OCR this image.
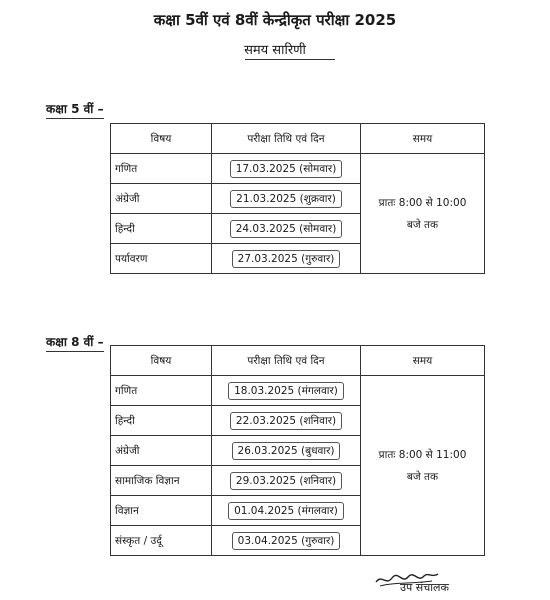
कक्षा 5वीं एवं 8वीं केन्द्रीकृत परीक्षा 2025
समय सारिणी
कक्षा 5 वीं –
विषय	परीक्षा तिथि एवं दिन	समय
गणित	17.03.2025 (सोमवार)	प्रातः 8:00 से 10:00
बजे तक

अंग्रेजी	21.03.2025 (शुक्रवार)	
हिन्दी	24.03.2025 (सोमवार)	
पर्यावरण	27.03.2025 (गुरुवार)	
कक्षा 8 वीं –
विषय	परीक्षा तिथि एवं दिन	समय
गणित	18.03.2025 (मंगलवार)	प्रातः 8:00 से 11:00
बजे तक

हिन्दी	22.03.2025 (शनिवार)	
अंग्रेजी	26.03.2025 (बुधवार)	
सामाजिक विज्ञान	29.03.2025 (शनिवार)	
विज्ञान	01.04.2025 (मंगलवार)	
संस्कृत / उर्दू	03.04.2025 (गुरुवार)	
उप संचालक
